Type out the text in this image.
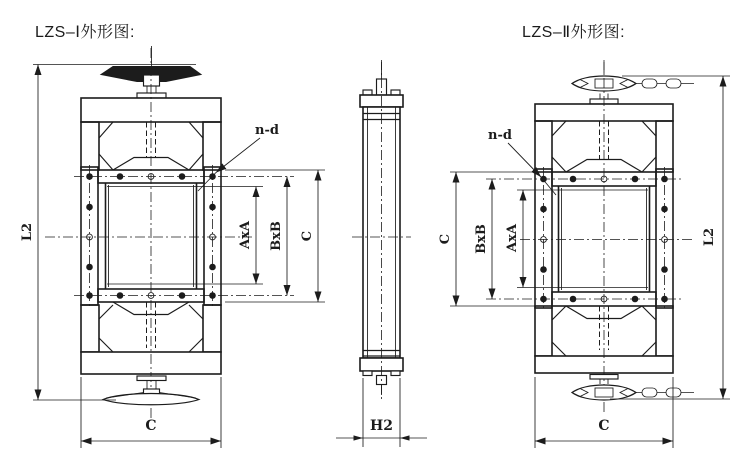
LZS–Ⅰ外形图:
L2	AxA BxB C
n-d
C	H2
LZS–Ⅱ外形图:
C BxB AxA
n-d
L2
C
